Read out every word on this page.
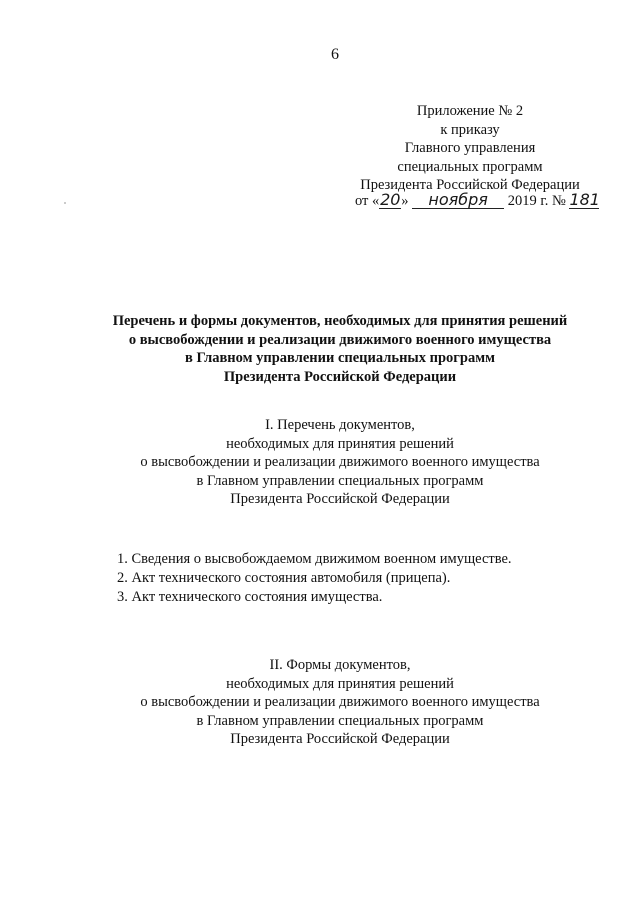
6
Приложение № 2
к приказу
Главного управления
специальных программ
Президента Российской Федерации
от «20» ноября 2019 г. № 181
Перечень и формы документов, необходимых для принятия решений
о высвобождении и реализации движимого военного имущества
в Главном управлении специальных программ
Президента Российской Федерации
I. Перечень документов,
необходимых для принятия решений
о высвобождении и реализации движимого военного имущества
в Главном управлении специальных программ
Президента Российской Федерации
1. Сведения о высвобождаемом движимом военном имуществе.
2. Акт технического состояния автомобиля (прицепа).
3. Акт технического состояния имущества.
II. Формы документов,
необходимых для принятия решений
о высвобождении и реализации движимого военного имущества
в Главном управлении специальных программ
Президента Российской Федерации
